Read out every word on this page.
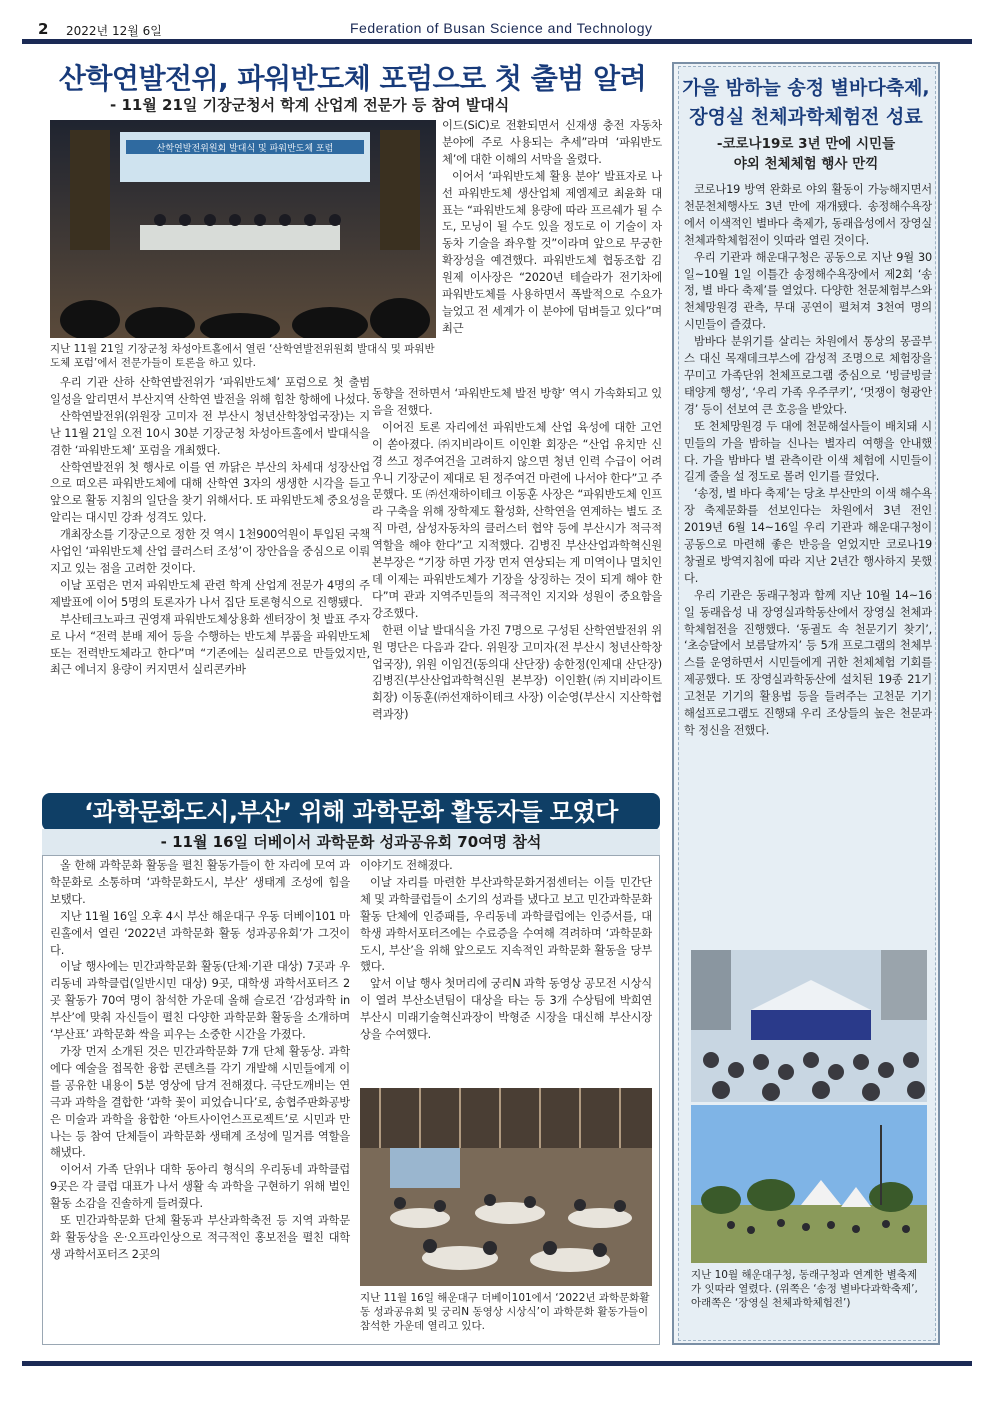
2 2022년 12월 6일	Federation of Busan Science and Technology
산학연발전위, 파워반도체 포럼으로 첫 출범 알려
- 11월 21일 기장군청서 학계 산업계 전문가 등 참여 발대식
산학연발전위원회 발대식 및 파워반도체 포럼
지난 11월 21일 기장군청 차성아트홀에서 열린 ‘산학연발전위원회 발대식 및 파워반도체 포럼’에서 전문가들이 토론을 하고 있다.

우리 기관 산하 산학연발전위가 ‘파워반도체’ 포럼으로 첫 출범 일성을 알리면서 부산지역 산학연 발전을 위해 힘찬 항해에 나섰다.

산학연발전위(위원장 고미자 전 부산시 청년산학창업국장)는 지난 11월 21일 오전 10시 30분 기장군청 차성아트홀에서 발대식을 겸한 ‘파워반도체’ 포럼을 개최했다.

산학연발전위 첫 행사로 이를 연 까닭은 부산의 차세대 성장산업으로 떠오른 파워반도체에 대해 산학연 3자의 생생한 시각을 듣고 앞으로 활동 지침의 일단을 찾기 위해서다. 또 파워반도체 중요성을 알리는 대시민 강좌 성격도 있다.

개최장소를 기장군으로 정한 것 역시 1천900억원이 투입된 국책사업인 ‘파워반도체 산업 클러스터 조성’이 장안읍을 중심으로 이뤄지고 있는 점을 고려한 것이다.

이날 포럼은 먼저 파워반도체 관련 학계 산업계 전문가 4명의 주제발표에 이어 5명의 토론자가 나서 집단 토론형식으로 진행됐다.

부산테크노파크 권영재 파워반도체상용화 센터장이 첫 발표 주자로 나서 “전력 분배 제어 등을 수행하는 반도체 부품을 파워반도체 또는 전력반도체라고 한다”며 “기존에는 실리콘으로 만들었지만, 최근 에너지 용량이 커지면서 실리콘카바

이드(SiC)로 전환되면서 신재생 충전 자동차 분야에 주로 사용되는 추세”라며 ‘파워반도체’에 대한 이해의 서막을 올렸다.

이어서 ‘파워반도체 활용 분야’ 발표자로 나선 파워반도체 생산업체 제엠제코 최윤화 대표는 “파워반도체 용량에 따라 프르쉐가 될 수도, 모닝이 될 수도 있을 정도로 이 기술이 자동차 기술을 좌우할 것”이라며 앞으로 무궁한 확장성을 예견했다. 파워반도체 협동조합 김원제 이사장은 “2020년 테슬라가 전기차에 파워반도체를 사용하면서 폭발적으로 수요가 늘었고 전 세계가 이 분야에 덤벼들고 있다”며 최근

동향을 전하면서 ‘파워반도체 발전 방향’ 역시 가속화되고 있음을 전했다.

이어진 토론 자리에선 파워반도체 산업 육성에 대한 고언이 쏟아졌다. ㈜지비라이트 이인환 회장은 “산업 유치만 신경 쓰고 정주여건을 고려하지 않으면 청년 인력 수급이 어려우니 기장군이 제대로 된 정주여건 마련에 나서야 한다”고 주문했다. 또 ㈜선재하이테크 이동훈 사장은 “파워반도체 인프라 구축을 위해 장학제도 활성화, 산학연을 연계하는 별도 조직 마련, 삼성자동차의 클러스터 협약 등에 부산시가 적극적 역할을 해야 한다”고 지적했다. 김병진 부산산업과학혁신원 본부장은 “기장 하면 가장 먼저 연상되는 게 미역이나 멸치인데 이제는 파워반도체가 기장을 상징하는 것이 되게 해야 한다”며 관과 지역주민들의 적극적인 지지와 성원이 중요함을 강조했다.

한편 이날 발대식을 가진 7명으로 구성된 산학연발전위 위원 명단은 다음과 같다. 위원장 고미자(전 부산시 청년산학창업국장), 위원 이임건(동의대 산단장) 송한정(인제대 산단장) 김병진(부산산업과학혁신원 본부장) 이인환(㈜지비라이트 회장) 이동훈(㈜선재하이테크 사장) 이순영(부산시 지산학협력과장)

‘과학문화도시,부산’ 위해 과학문화 활동자들 모였다
- 11월 16일 더베이서 과학문화 성과공유회 70여명 참석

올 한해 과학문화 활동을 펼친 활동가들이 한 자리에 모여 과학문화로 소통하며 ‘과학문화도시, 부산’ 생태계 조성에 힘을 보탰다.

지난 11월 16일 오후 4시 부산 해운대구 우동 더베이101 마린홀에서 열린 ‘2022년 과학문화 활동 성과공유회’가 그것이다.

이날 행사에는 민간과학문화 활동(단체·기관 대상) 7곳과 우리동네 과학클럽(일반시민 대상) 9곳, 대학생 과학서포터즈 2곳 활동가 70여 명이 참석한 가운데 올해 슬로건 ‘감성과학 in 부산’에 맞춰 자신들이 펼친 다양한 과학문화 활동을 소개하며 ‘부산표’ 과학문화 싹을 피우는 소중한 시간을 가졌다.

가장 먼저 소개된 것은 민간과학문화 7개 단체 활동상. 과학에다 예술을 접목한 융합 콘텐츠를 각기 개발해 시민들에게 이를 공유한 내용이 5분 영상에 담겨 전해졌다. 극단도깨비는 연극과 과학을 결합한 ‘과학 꽃이 피었습니다’로, 송협주판화공방은 미술과 과학을 융합한 ‘아트사이언스프로젝트’로 시민과 만나는 등 참여 단체들이 과학문화 생태계 조성에 밀거름 역할을 해냈다.

이어서 가족 단위나 대학 동아리 형식의 우리동네 과학클럽 9곳은 각 클럽 대표가 나서 생활 속 과학을 구현하기 위해 벌인 활동 소감을 진솔하게 들려줬다.

또 민간과학문화 단체 활동과 부산과학축전 등 지역 과학문화 활동상을 온·오프라인상으로 적극적인 홍보전을 펼친 대학생 과학서포터즈 2곳의

이야기도 전해졌다.

이날 자리를 마련한 부산과학문화거점센터는 이들 민간단체 및 과학클럽들이 소기의 성과를 냈다고 보고 민간과학문화 활동 단체에 인증패를, 우리동네 과학클럽에는 인증서를, 대학생 과학서포터즈에는 수료증을 수여해 격려하며 ‘과학문화도시, 부산’을 위해 앞으로도 지속적인 과학문화 활동을 당부했다.

앞서 이날 행사 첫머리에 궁리N 과학 동영상 공모전 시상식이 열려 부산소년팀이 대상을 타는 등 3개 수상팀에 박희연 부산시 미래기술혁신과장이 박형준 시장을 대신해 부산시장상을 수여했다.

지난 11월 16일 해운대구 더베이101에서 ‘2022년 과학문화활동 성과공유회 및 궁리N 동영상 시상식’이 과학문화 활동가들이 참석한 가운데 열리고 있다.
가을 밤하늘 송정 별바다축제,
장영실 천체과학체험전 성료
-코로나19로 3년 만에 시민들
야외 천체체험 행사 만끽

코로나19 방역 완화로 야외 활동이 가능해지면서 천문천체행사도 3년 만에 재개됐다. 송정해수욕장에서 이색적인 별바다 축제가, 동래읍성에서 장영실 천체과학체험전이 잇따라 열린 것이다.

우리 기관과 해운대구청은 공동으로 지난 9월 30일~10월 1일 이틀간 송정해수욕장에서 제2회 ‘송정, 별 바다 축제’를 열었다. 다양한 천문체험부스와 천체망원경 관측, 무대 공연이 펼쳐져 3천여 명의 시민들이 즐겼다.

밤바다 분위기를 살리는 차원에서 통상의 몽골부스 대신 목재데크부스에 감성적 조명으로 체험장을 꾸미고 가족단위 천체프로그램 중심으로 ‘빙글빙글 태양계 행성’, ‘우리 가족 우주쿠키’, ‘멋쟁이 형광안경’ 등이 선보여 큰 호응을 받았다.

또 천체망원경 두 대에 천문해설사들이 배치돼 시민들의 가을 밤하늘 신나는 별자리 여행을 안내했다. 가을 밤바다 별 관측이란 이색 체험에 시민들이 길게 줄을 설 정도로 몰려 인기를 끌었다.

‘송정, 별 바다 축제’는 당초 부산만의 이색 해수욕장 축제문화를 선보인다는 차원에서 3년 전인 2019년 6월 14~16일 우리 기관과 해운대구청이 공동으로 마련해 좋은 반응을 얻었지만 코로나19 창궐로 방역지침에 따라 지난 2년간 행사하지 못했다.

우리 기관은 동래구청과 함께 지난 10월 14~16일 동래읍성 내 장영실과학동산에서 장영실 천체과학체험전을 진행했다. ‘동궐도 속 천문기기 찾기’, ‘초승달에서 보름달까지’ 등 5개 프로그램의 천체부스를 운영하면서 시민들에게 귀한 천체체험 기회를 제공했다. 또 장영실과학동산에 설치된 19종 21기 고천문 기기의 활용법 등을 들려주는 고천문 기기 해설프로그램도 진행돼 우리 조상들의 높은 천문과학 정신을 전했다.

지난 10월 해운대구청, 동래구청과 연계한 별축제가 잇따라 열렸다. (위쪽은 ‘송정 별바다과학축제’, 아래쪽은 ‘장영실 천체과학체험전’)
